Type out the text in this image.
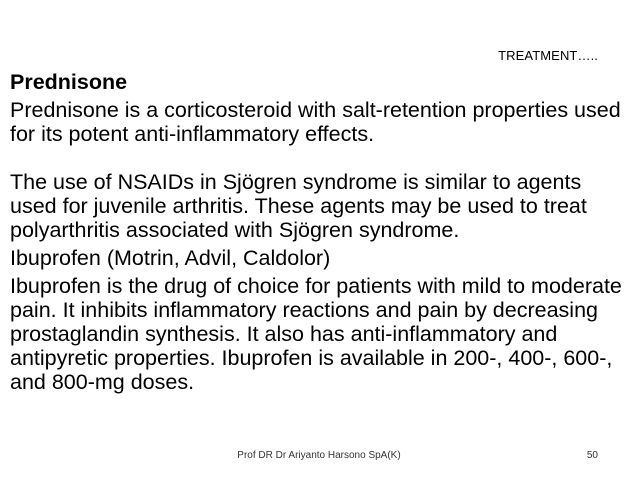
TREATMENT…..

Prednisone

Prednisone is a corticosteroid with salt-retention properties used for its potent anti-inflammatory effects.

The use of NSAIDs in Sjögren syndrome is similar to agents used for juvenile arthritis. These agents may be used to treat polyarthritis associated with Sjögren syndrome.

Ibuprofen (Motrin, Advil, Caldolor)

Ibuprofen is the drug of choice for patients with mild to moderate pain. It inhibits inflammatory reactions and pain by decreasing prostaglandin synthesis. It also has anti-inflammatory and antipyretic properties. Ibuprofen is available in 200-, 400-, 600-, and 800-mg doses.

Prof DR Dr Ariyanto Harsono SpA(K)	50
